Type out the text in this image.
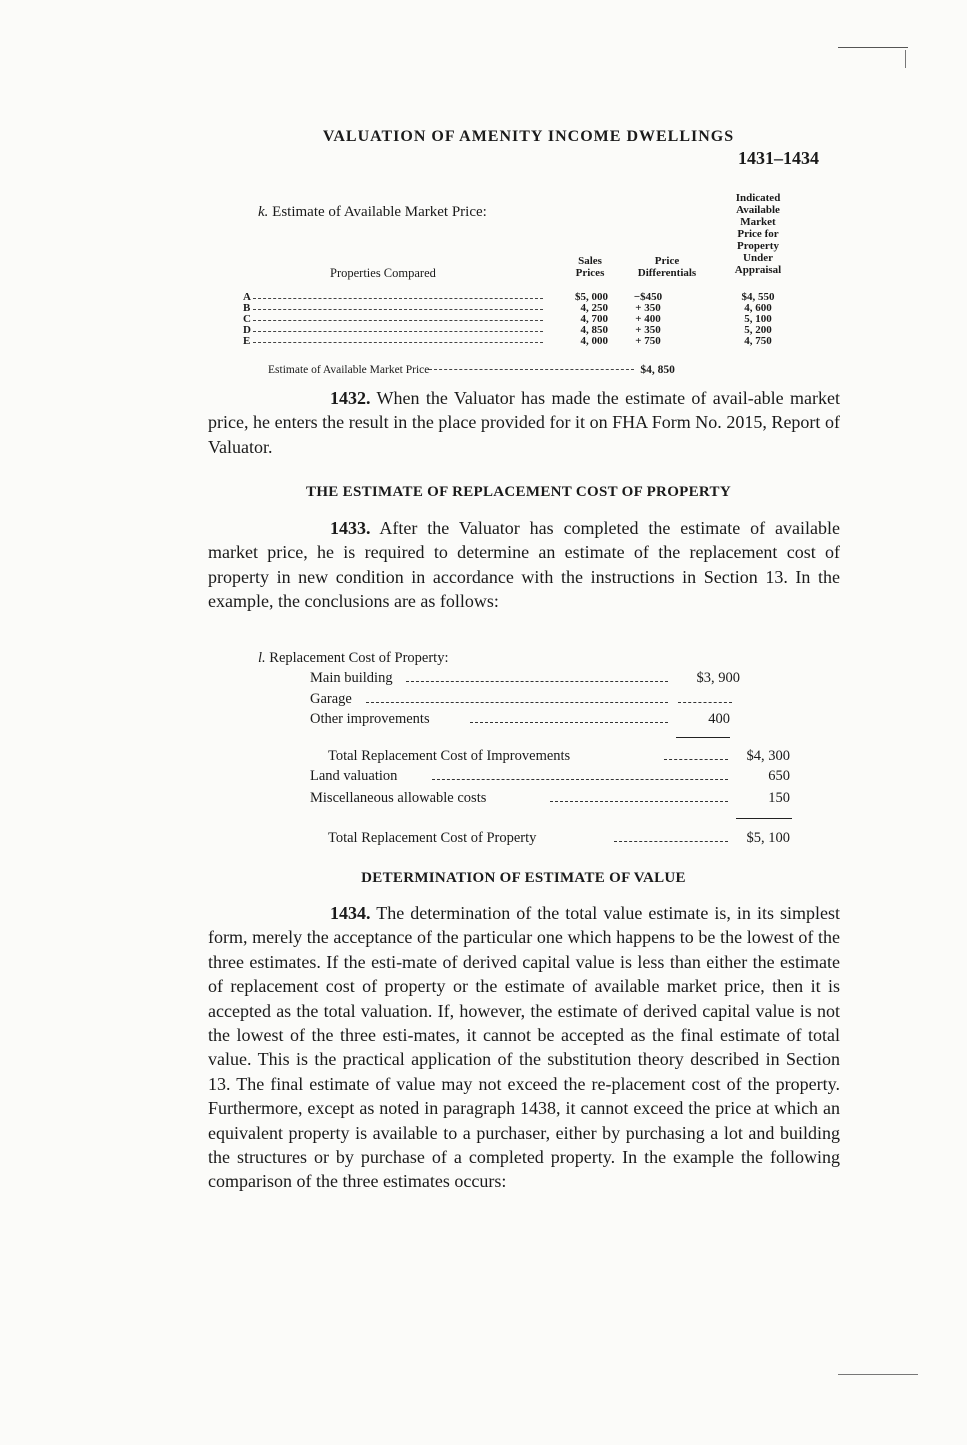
VALUATION OF AMENITY INCOME DWELLINGS
1431–1434
k. Estimate of Available Market Price:
Indicated
Available
Market
Price for
Property
Under
Appraisal
Sales
Prices
Price
Differentials
Properties Compared
A	$5, 000	−$450	$4, 550
B	4, 250	+ 350	4, 600
C	4, 700	+ 400	5, 100
D	4, 850	+ 350	5, 200
E	4, 000	+ 750	4, 750
Estimate of Available Market Price	$4, 850
1432. When the Valuator has made the estimate of avail-able market price, he enters the result in the place provided for it on FHA Form No. 2015, Report of Valuator.
THE ESTIMATE OF REPLACEMENT COST OF PROPERTY
1433. After the Valuator has completed the estimate of available market price, he is required to determine an estimate of the replacement cost of property in new condition in accordance with the instructions in Section 13. In the example, the conclusions are as follows:
l. Replacement Cost of Property:
Main building	$3, 900
Garage
Other improvements	400
Total Replacement Cost of Improvements	$4, 300
Land valuation	650
Miscellaneous allowable costs	150
Total Replacement Cost of Property	$5, 100
DETERMINATION OF ESTIMATE OF VALUE
1434. The determination of the total value estimate is, in its simplest form, merely the acceptance of the particular one which happens to be the lowest of the three estimates. If the esti-mate of derived capital value is less than either the estimate of replacement cost of property or the estimate of available market price, then it is accepted as the total valuation. If, however, the estimate of derived capital value is not the lowest of the three esti-mates, it cannot be accepted as the final estimate of total value. This is the practical application of the substitution theory described in Section 13. The final estimate of value may not exceed the re-placement cost of the property. Furthermore, except as noted in paragraph 1438, it cannot exceed the price at which an equivalent property is available to a purchaser, either by purchasing a lot and building the structures or by purchase of a completed property. In the example the following comparison of the three estimates occurs:
